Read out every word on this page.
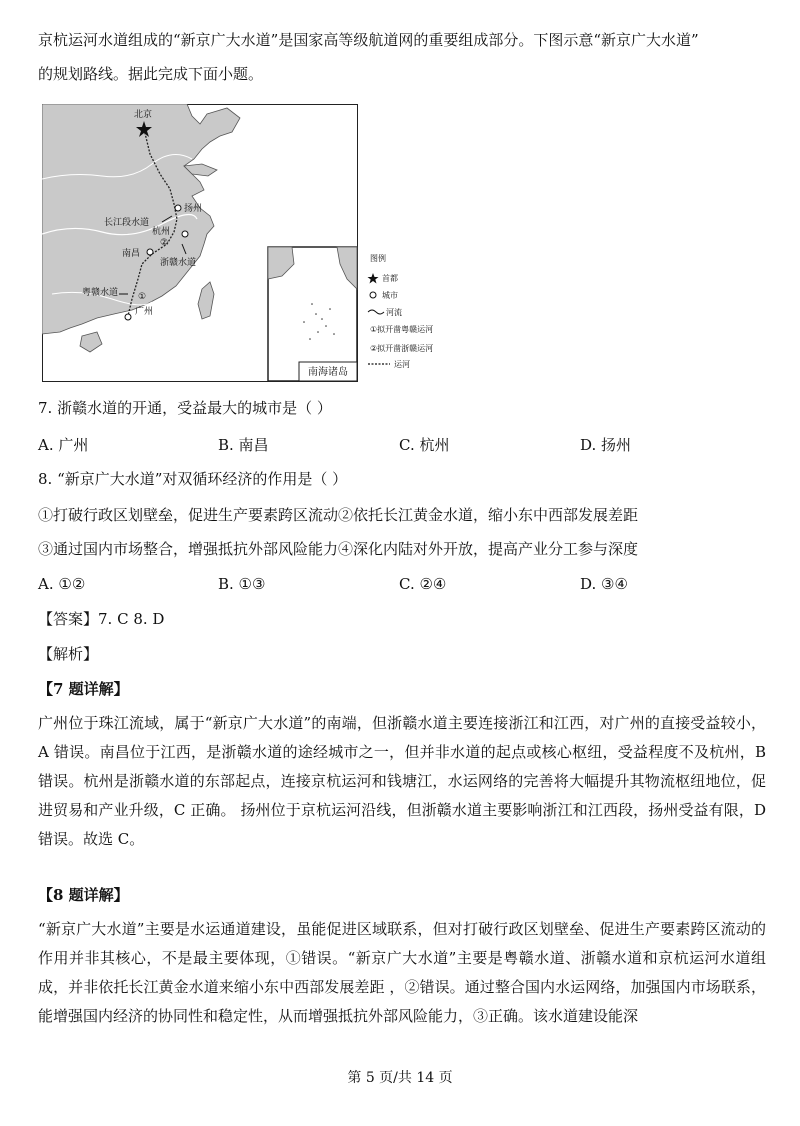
京杭运河水道组成的“新京广大水道”是国家高等级航道网的重要组成部分。下图示意“新京广大水道”
的规划路线。据此完成下面小题。
北京
扬州
长江段水道
杭州
②
南昌
浙赣水道
粤赣水道 ①
广州
南海诸岛
图例
首都
城市
河流
①拟开凿粤赣运河
②拟开凿浙赣运河
运河
7. 浙赣水道的开通，受益最大的城市是（ ）
A. 广州	B. 南昌	C. 杭州	D. 扬州
8. “新京广大水道”对双循环经济的作用是（ ）
①打破行政区划壁垒，促进生产要素跨区流动②依托长江黄金水道，缩小东中西部发展差距
③通过国内市场整合，增强抵抗外部风险能力④深化内陆对外开放，提高产业分工参与深度
A. ①②	B. ①③	C. ②④	D. ③④
【答案】7. C 8. D
【解析】
【7 题详解】
广州位于珠江流域，属于“新京广大水道”的南端，但浙赣水道主要连接浙江和江西，对广州的直接受益较小，A 错误。南昌位于江西，是浙赣水道的途经城市之一，但并非水道的起点或核心枢纽，受益程度不及杭州，B 错误。杭州是浙赣水道的东部起点，连接京杭运河和钱塘江，水运网络的完善将大幅提升其物流枢纽地位，促进贸易和产业升级，C 正确。 扬州位于京杭运河沿线，但浙赣水道主要影响浙江和江西段，扬州受益有限，D 错误。故选 C。
【8 题详解】
“新京广大水道”主要是水运通道建设，虽能促进区域联系，但对打破行政区划壁垒、促进生产要素跨区流动的作用并非其核心，不是最主要体现，①错误。“新京广大水道”主要是粤赣水道、浙赣水道和京杭运河水道组成，并非依托长江黄金水道来缩小东中西部发展差距 ，②错误。通过整合国内水运网络，加强国内市场联系，能增强国内经济的协同性和稳定性，从而增强抵抗外部风险能力，③正确。该水道建设能深
第 5 页/共 14 页
